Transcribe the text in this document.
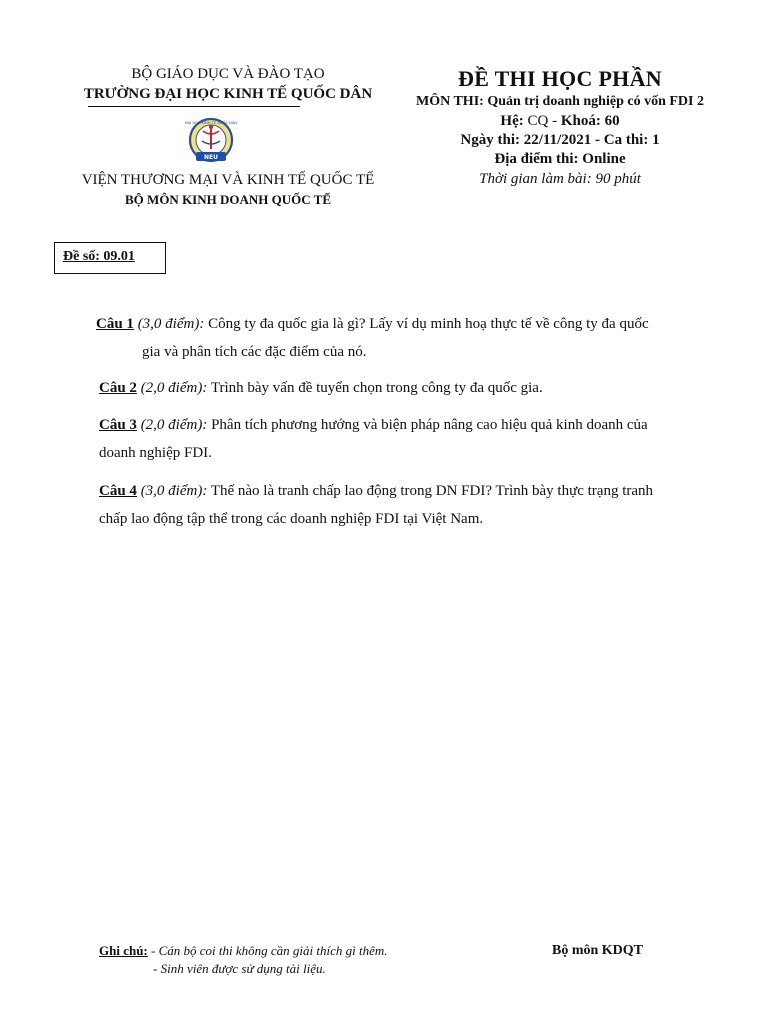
BỘ GIÁO DỤC VÀ ĐÀO TẠO
TRƯỜNG ĐẠI HỌC KINH TẾ QUỐC DÂN
NEU
ĐẠI HỌC KINH TẾ QUỐC DÂN
VIỆN THƯƠNG MẠI VÀ KINH TẾ QUỐC TẾ
BỘ MÔN KINH DOANH QUỐC TẾ
ĐỀ THI HỌC PHẦN
MÔN THI: Quản trị doanh nghiệp có vốn FDI 2
Hệ: CQ - Khoá: 60
Ngày thi: 22/11/2021 - Ca thi: 1
Địa điểm thi: Online
Thời gian làm bài: 90 phút
Đề số: 09.01
Câu 1 (3,0 điểm): Công ty đa quốc gia là gì? Lấy ví dụ minh hoạ thực tế về công ty đa quốc
gia và phân tích các đặc điểm của nó.
Câu 2 (2,0 điểm): Trình bày vấn đề tuyển chọn trong công ty đa quốc gia.
Câu 3 (2,0 điểm): Phân tích phương hướng và biện pháp nâng cao hiệu quả kinh doanh của
doanh nghiệp FDI.
Câu 4 (3,0 điểm): Thế nào là tranh chấp lao động trong DN FDI? Trình bày thực trạng tranh
chấp lao động tập thể trong các doanh nghiệp FDI tại Việt Nam.
Ghi chú: - Cán bộ coi thi không cần giải thích gì thêm.
- Sinh viên được sử dụng tài liệu.
Bộ môn KDQT
